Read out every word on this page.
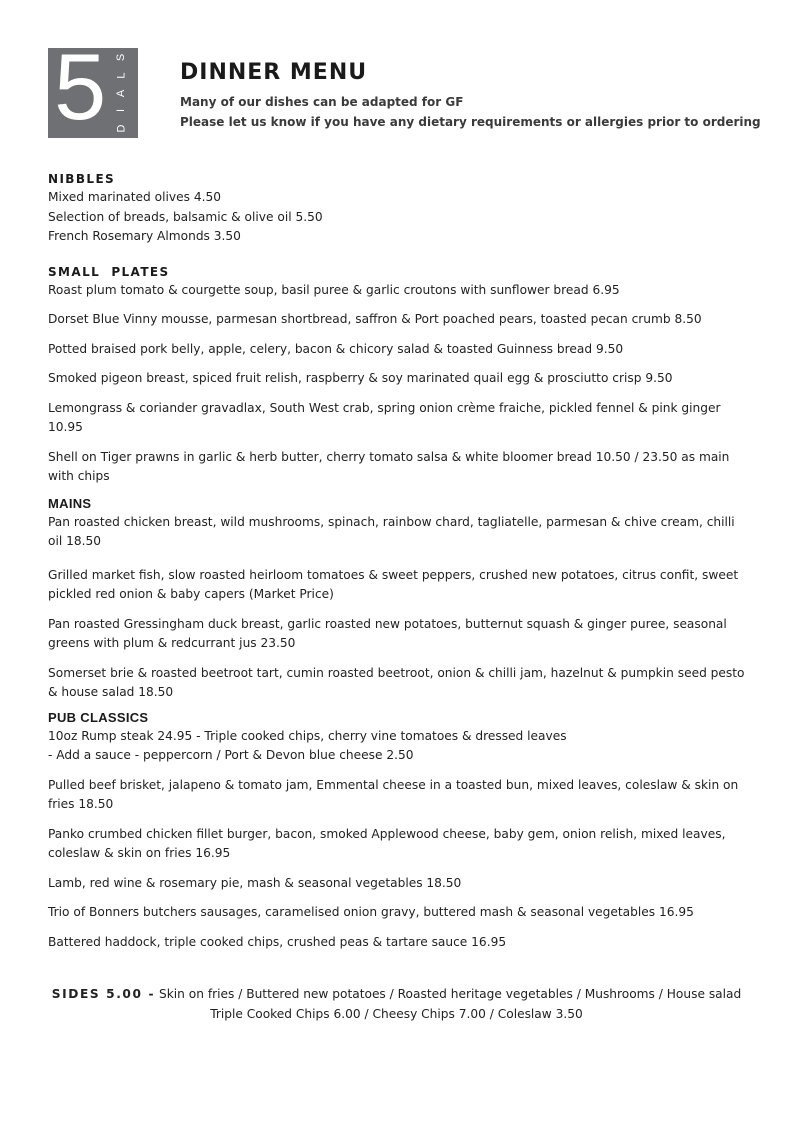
5 S
L
A
I
D
DINNER MENU
Many of our dishes can be adapted for GF
Please let us know if you have any dietary requirements or allergies prior to ordering
NIBBLES
Mixed marinated olives 4.50
Selection of breads, balsamic & olive oil 5.50
French Rosemary Almonds 3.50
SMALL  PLATES
Roast plum tomato & courgette soup, basil puree & garlic croutons with sunflower bread 6.95
Dorset Blue Vinny mousse, parmesan shortbread, saffron & Port poached pears, toasted pecan crumb 8.50
Potted braised pork belly, apple, celery, bacon & chicory salad & toasted Guinness bread 9.50
Smoked pigeon breast, spiced fruit relish, raspberry & soy marinated quail egg & prosciutto crisp 9.50
Lemongrass & coriander gravadlax, South West crab, spring onion crème fraiche, pickled fennel & pink ginger 10.95
Shell on Tiger prawns in garlic & herb butter, cherry tomato salsa & white bloomer bread 10.50 / 23.50 as main with chips
MAINS
Pan roasted chicken breast, wild mushrooms, spinach, rainbow chard, tagliatelle, parmesan & chive cream, chilli oil 18.50
Grilled market fish, slow roasted heirloom tomatoes & sweet peppers, crushed new potatoes, citrus confit, sweet pickled red onion & baby capers (Market Price)
Pan roasted Gressingham duck breast, garlic roasted new potatoes, butternut squash & ginger puree, seasonal greens with plum & redcurrant jus 23.50
Somerset brie & roasted beetroot tart, cumin roasted beetroot, onion & chilli jam, hazelnut & pumpkin seed pesto & house salad 18.50
PUB CLASSICS
10oz Rump steak 24.95 - Triple cooked chips, cherry vine tomatoes & dressed leaves
- Add a sauce - peppercorn / Port & Devon blue cheese 2.50
Pulled beef brisket, jalapeno & tomato jam, Emmental cheese in a toasted bun, mixed leaves, coleslaw & skin on fries 18.50
Panko crumbed chicken fillet burger, bacon, smoked Applewood cheese, baby gem, onion relish, mixed leaves, coleslaw & skin on fries 16.95
Lamb, red wine & rosemary pie, mash & seasonal vegetables 18.50
Trio of Bonners butchers sausages, caramelised onion gravy, buttered mash & seasonal vegetables 16.95
Battered haddock, triple cooked chips, crushed peas & tartare sauce 16.95
SIDES 5.00 - Skin on fries / Buttered new potatoes / Roasted heritage vegetables / Mushrooms / House salad
Triple Cooked Chips 6.00 / Cheesy Chips 7.00 / Coleslaw 3.50
